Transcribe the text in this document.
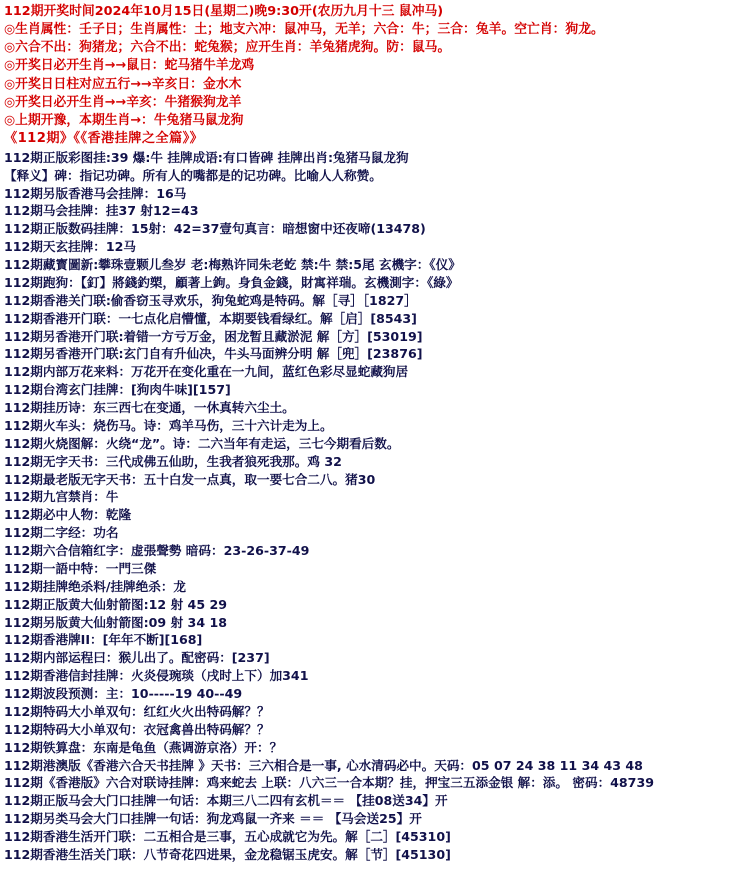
112期开奖时间2024年10月15日(星期二)晚9:30开(农历九月十三 鼠冲马)
◎生肖属性：壬子日；生肖属性：土；地支六冲：鼠冲马，无羊；六合：牛；三合：兔羊。空亡肖：狗龙。
◎六合不出：狗猪龙；六合不出：蛇兔猴；应开生肖：羊兔猪虎狗。防：鼠马。
◎开奖日必开生肖→→鼠日：蛇马猪牛羊龙鸡
◎开奖日日柱对应五行→→辛亥日：金水木
◎开奖日必开生肖→→辛亥：牛猪猴狗龙羊
◎上期开豫，本期生肖→：牛兔猪马鼠龙狗
《112期》《《香港挂牌之全篇》》
112期正版彩图挂:39 爆:牛 挂牌成语:有口皆碑 挂牌出肖:兔猪马鼠龙狗
【释义】碑：指记功碑。所有人的嘴都是的记功碑。比喻人人称赞。
112期另版香港马会挂牌：16马
112期马会挂牌：挂37 射12=43
112期正版数码挂牌：15射：42=37壹句真言：暗想窗中还夜啼(13478)
112期天玄挂牌：12马
112期藏寳圖新:攀珠壹颗儿叁岁 老:梅熟许同朱老虼 禁:牛 禁:5尾 玄機字：《仪》
112期跑狗：【釘】將錢釣槊，顧著上鉤。身負金錢，財寓祥瑞。玄機測字：《綠》
112期香港关门联:偷香窃玉寻欢乐，狗兔蛇鸡是特码。解［寻］［1827］
112期香港开门联：一七点化启懵懂，本期要钱看绿红。解［启］[8543]
112期另香港开门联:着错一方亏万金，困龙暂且藏淤泥 解［方］[53019]
112期另香港开门联:玄门自有升仙决，牛头马面辨分明 解［兜］[23876]
112期内部万花来料：万花开在变化重在一九间，蓝红色彩尽显蛇藏狗居
112期台湾玄门挂牌：[狗肉牛味][157]
112期挂历诗：东三西七在变通，一休真转六尘土。
112期火车头：烧伤马。诗：鸡羊马伤，三十六计走为上。
112期火烧图解：火绕“龙”。诗：二六当年有走运，三七今期看后数。
112期无字天书：三代成佛五仙助，生我者狼死我那。鸡 32
112期最老版无字天书：五十白发一点真，取一要七合二八。猪30
112期九宫禁肖：牛
112期必中人物：乾隆
112期二字经：功名
112期六合信箱红字：虚張聲勢 暗码：23-26-37-49
112期一語中特：一門三傑
112期挂牌绝杀料/挂牌绝杀：龙
112期正版黄大仙射箭图:12 射 45 29
112期另版黄大仙射箭图:09 射 34 18
112期香港牌II：[年年不断][168]
112期内部运程曰：猴儿出了。配密码：[237]
112期香港信封挂牌：火炎侵琬琰（戌时上下）加341
112期波段预测：主：10-----19 40--49
112期特码大小单双句：红红火火出特码解？？
112期特码大小单双句：衣冠禽兽出特码解？？
112期铁算盘：东南是龟鱼（燕调游京洛）开：？
112期港澳版《香港六合天书挂牌 》天书：三六相合是一事, 心水清码必中。天码：05 07 24 38 11 34 43 48
112期《香港版》六合对联诗挂牌：鸡来蛇去 上联：八六三一合本期？挂，押宝三五添金银 解：添。 密码：48739
112期正版马会大门口挂牌一句话：本期三八二四有玄机＝＝ 【挂08送34】开
112期另类马会大门口挂牌一句话：狗龙鸡鼠一齐来 ＝＝ 【马会送25】开
112期香港生活开门联：二五相合是三事，五心成就它为先。解［二］[45310]
112期香港生活关门联：八节奇花四进果，金龙稳锯玉虎安。解［节］[45130]
